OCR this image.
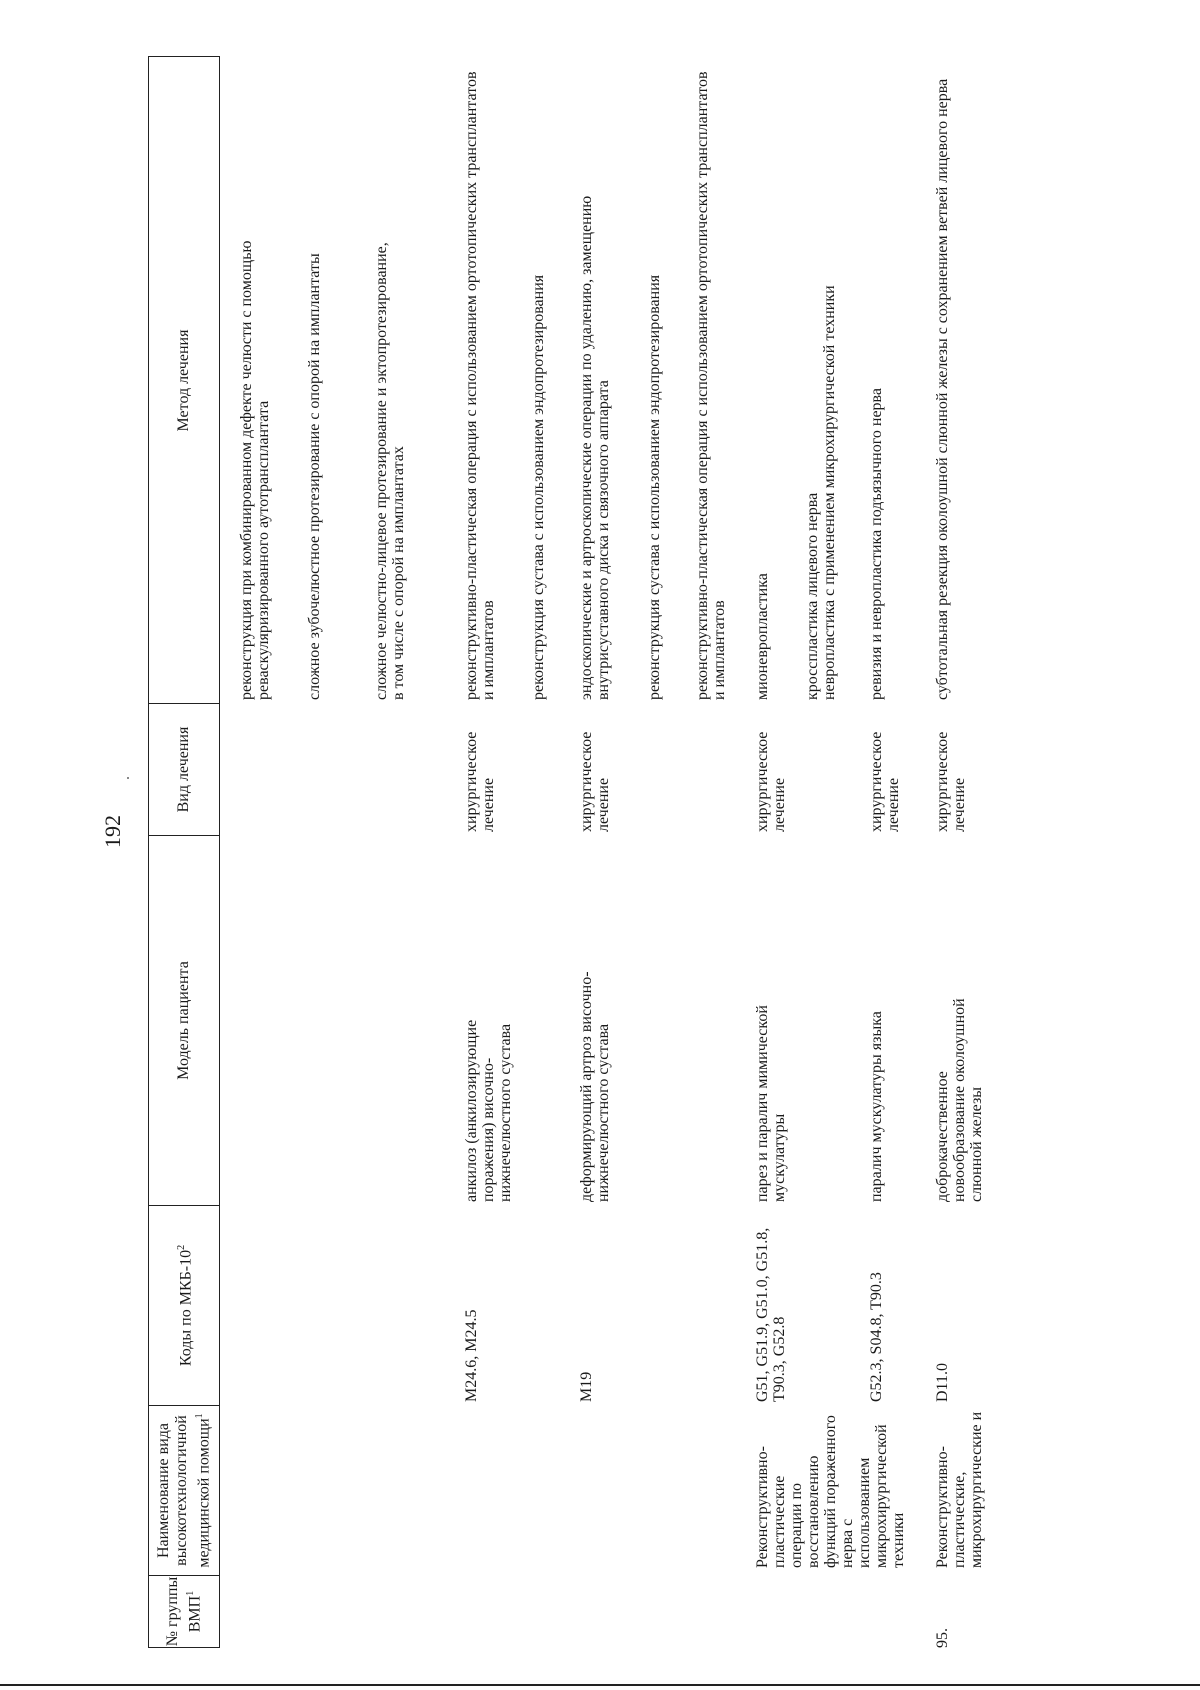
192
№ группы ВМП$^1$
Наименование вида высокотехнологичной медицинской помощи$^1$
Коды по МКБ-$10^2$
Модель пациента
Вид лечения
Метод лечения	реконструкция при комбинированном дефекте челюсти с помощью реваскуляризированного аутотрансплантата сложное зубочелюстное протезирование с опорой на имплантаты	сложное челюстно-лицевое протезирование и эктопротезирование,
в том числе с опорой на имплантатах
M24.6, M24.5
анкилоз (анкилозирующие поражения) височно-нижнечелюстного сустава
хирургическое лечение
реконструктивно-пластическая операция с использованием ортотопических трансплантатов и имплантатов реконструкция сустава с использованием эндопротезирования
M19
деформирующий артроз височно-нижнечелюстного сустава
хирургическое лечение
эндоскопические и артроскопические операции по удалению, замещению внутрисуставного диска и связочного аппарата реконструкция сустава с использованием эндопротезирования реконструктивно-пластическая операция с использованием ортотопических трансплантатов и имплантатов
Реконструктивно-пластические операции по восстановлению функций пораженного нерва с использованием микрохирургической техники
G51, G51.9, G51.0, G51.8, T90.3, G52.8
парез и паралич мимической мускулатуры
хирургическое лечение
мионевропластика кросспластика лицевого нерва
невропластика с применением микрохирургической техники
G52.3, S04.8, T90.3
паралич мускулатуры языка
хирургическое лечение
ревизия и невропластика подъязычного нерва
95.
Реконструктивно-пластические, микрохирургические и
D11.0
доброкачественное новообразование околоушной слюнной железы
хирургическое лечение
субтотальная резекция околоушной слюнной железы с сохранением ветвей лицевого нерва
